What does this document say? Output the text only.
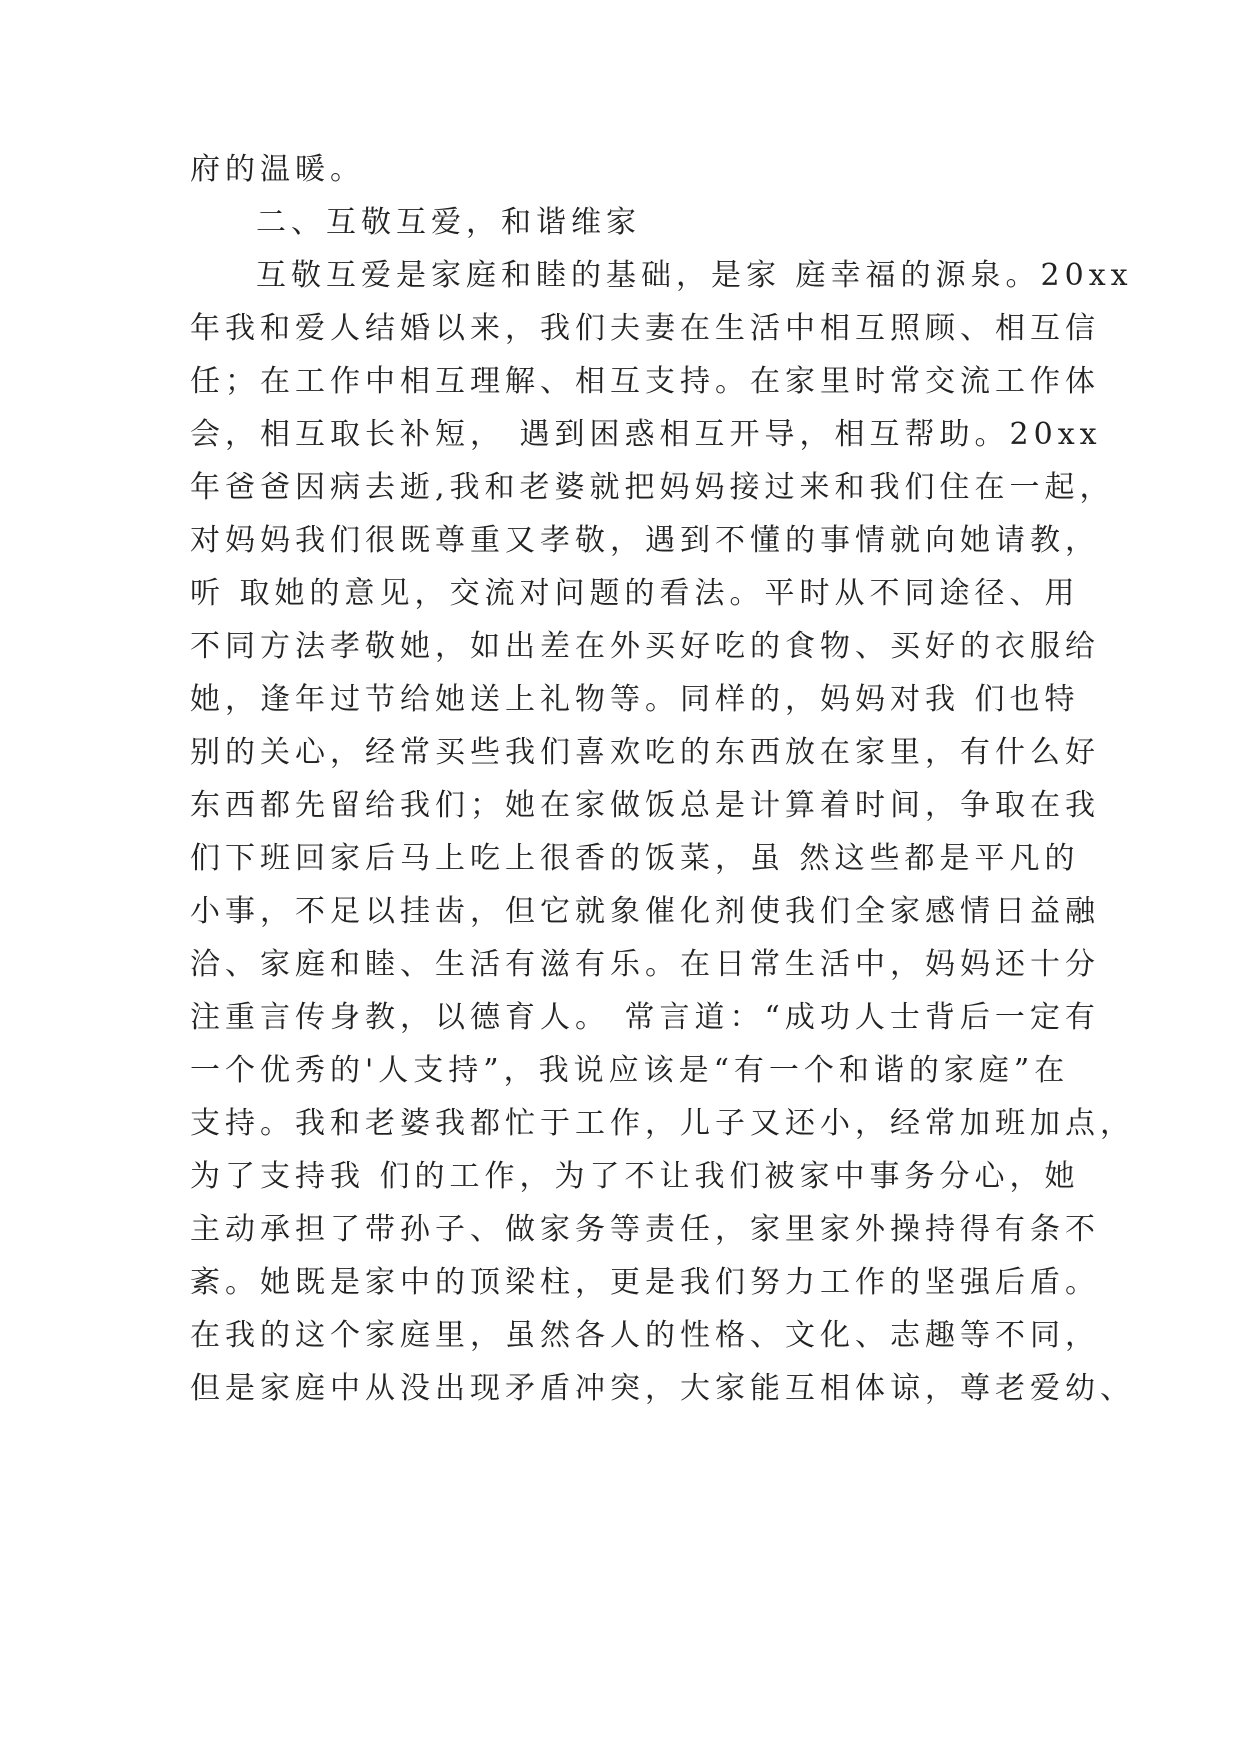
府的温暖。
二、互敬互爱，和谐维家
互敬互爱是家庭和睦的基础，是家 庭幸福的源泉。20xx
年我和爱人结婚以来，我们夫妻在生活中相互照顾、相互信
任；在工作中相互理解、相互支持。在家里时常交流工作体
会，相互取长补短， 遇到困惑相互开导，相互帮助。20xx
年爸爸因病去逝,我和老婆就把妈妈接过来和我们住在一起，
对妈妈我们很既尊重又孝敬，遇到不懂的事情就向她请教，
听 取她的意见，交流对问题的看法。平时从不同途径、用
不同方法孝敬她，如出差在外买好吃的食物、买好的衣服给
她，逢年过节给她送上礼物等。同样的，妈妈对我 们也特
别的关心，经常买些我们喜欢吃的东西放在家里，有什么好
东西都先留给我们；她在家做饭总是计算着时间，争取在我
们下班回家后马上吃上很香的饭菜，虽 然这些都是平凡的
小事，不足以挂齿，但它就象催化剂使我们全家感情日益融
洽、家庭和睦、生活有滋有乐。在日常生活中，妈妈还十分
注重言传身教，以德育人。 常言道：“成功人士背后一定有
一个优秀的'人支持”，我说应该是“有一个和谐的家庭”在
支持。我和老婆我都忙于工作，儿子又还小，经常加班加点，
为了支持我 们的工作，为了不让我们被家中事务分心，她
主动承担了带孙子、做家务等责任，家里家外操持得有条不
紊。她既是家中的顶梁柱，更是我们努力工作的坚强后盾。
在我的这个家庭里，虽然各人的性格、文化、志趣等不同，
但是家庭中从没出现矛盾冲突，大家能互相体谅，尊老爱幼、
